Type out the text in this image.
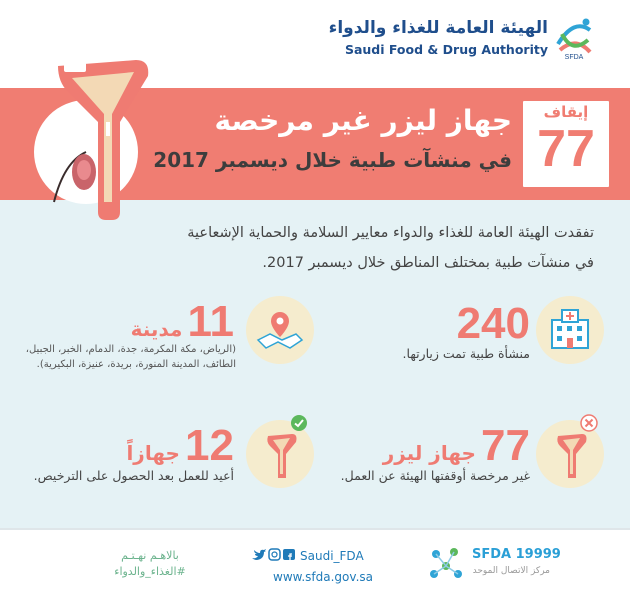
الهيئة العامة للغذاء والدواء
Saudi Food & Drug Authority
SFDA
جهاز ليزر غير مرخصة
في منشآت طبية خلال ديسمبر 2017
إيقاف
77
تفقدت الهيئة العامة للغذاء والدواء معايير السلامة والحماية الإشعاعية
في منشآت طبية بمختلف المناطق خلال ديسمبر 2017.
240
منشأة طبية تمت زيارتها.
11 مدينة
(الرياض، مكة المكرمة، جدة، الدمام، الخبر، الجبيل،
الطائف، المدينة المنورة، بريدة، عنيزة، البكيرية).
77 جهاز ليزر
غير مرخصة أوقفتها الهيئة عن العمل.
12 جهازاً
أعيد للعمل بعد الحصول على الترخيص.
بالاهـم نهـتـم
#الغذاء_والدواء
Saudi_FDA
www.sfda.gov.sa
SFDA 19999
مركز الاتصال الموحد
